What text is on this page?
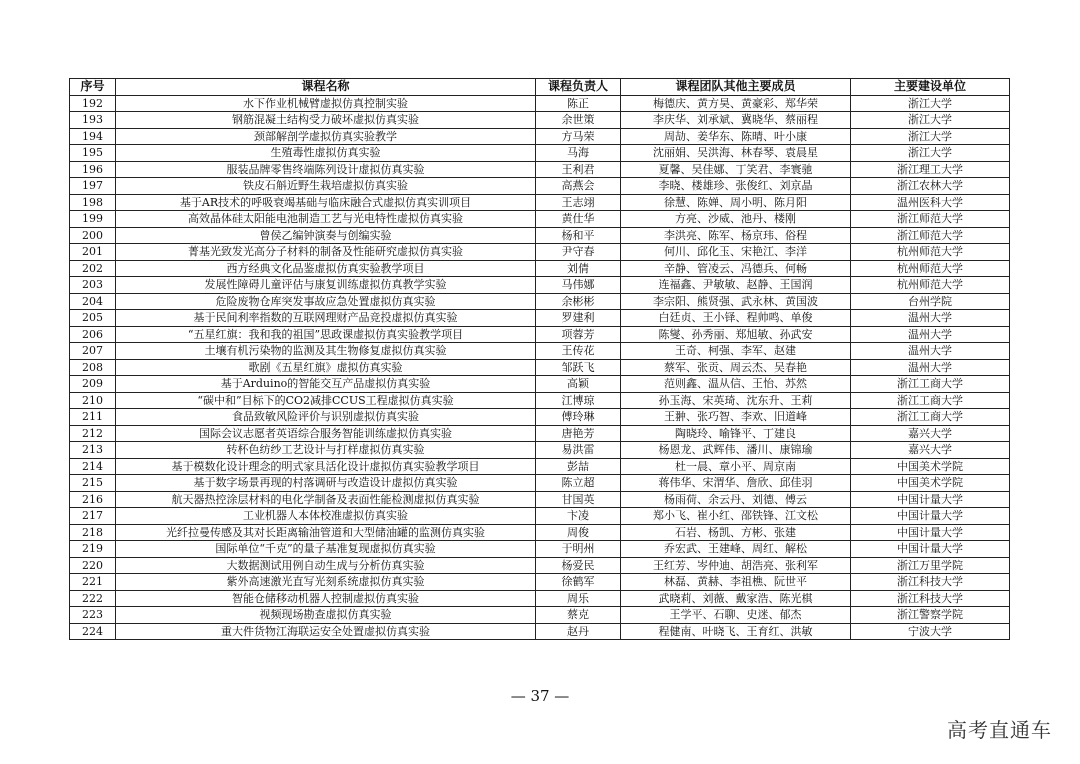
序号	课程名称	课程负责人	课程团队其他主要成员	主要建设单位
192	水下作业机械臂虚拟仿真控制实验	陈正	梅德庆、黄方昊、黄豪彩、郑华荣	浙江大学
193	钢筋混凝土结构受力破坏虚拟仿真实验	余世策	李庆华、刘承斌、冀晓华、蔡丽程	浙江大学
194	颈部解剖学虚拟仿真实验教学	方马荣	周劼、姜华东、陈晴、叶小康	浙江大学
195	生殖毒性虚拟仿真实验	马海	沈丽娟、吴洪海、林春琴、袁晨星	浙江大学
196	服装品牌零售终端陈列设计虚拟仿真实验	王利君	夏馨、吴佳娜、丁笑君、李寰驰	浙江理工大学
197	铁皮石斛近野生栽培虚拟仿真实验	高燕会	李晓、楼雄珍、张俊红、刘京晶	浙江农林大学
198	基于AR技术的呼吸衰竭基础与临床融合式虚拟仿真实训项目	王志翊	徐慧、陈婵、周小明、陈月阳	温州医科大学
199	高效晶体硅太阳能电池制造工艺与光电特性虚拟仿真实验	黄仕华	方亮、沙威、池丹、楼刚	浙江师范大学
200	曾侯乙编钟演奏与创编实验	杨和平	李洪亮、陈军、杨京玮、俗程	浙江师范大学
201	菁基光致发光高分子材料的制备及性能研究虚拟仿真实验	尹守春	何川、邱化玉、宋艳江、李洋	杭州师范大学
202	西方经典文化品鉴虚拟仿真实验教学项目	刘倩	辛静、管凌云、冯德兵、何畅	杭州师范大学
203	发展性障碍儿童评估与康复训练虚拟仿真教学实验	马伟娜	连福鑫、尹敏敏、赵静、王国润	杭州师范大学
204	危险废物仓库突发事故应急处置虚拟仿真实验	余彬彬	李宗阳、熊贤强、武永林、黄国波	台州学院
205	基于民间利率指数的互联网理财产品竞投虚拟仿真实验	罗建利	白廷贞、王小铎、程帅鸣、单俊	温州大学
206	“五星红旗：我和我的祖国”思政课虚拟仿真实验教学项目	项蓉芳	陈燮、孙秀丽、郑旭敏、孙武安	温州大学
207	土壤有机污染物的监测及其生物修复虚拟仿真实验	王传花	王奇、柯强、李军、赵建	温州大学
208	歌剧《五星红旗》虚拟仿真实验	邹跃飞	蔡军、张贡、周云杰、吴春艳	温州大学
209	基于Arduino的智能交互产品虚拟仿真实验	高颖	范则鑫、温从信、王怡、苏然	浙江工商大学
210	“碳中和”目标下的CO2减排CCUS工程虚拟仿真实验	江博琼	孙玉海、宋英琦、沈东升、王莉	浙江工商大学
211	食品致敏风险评价与识别虚拟仿真实验	傅玲琳	王翀、张巧智、李欢、旧道峰	浙江工商大学
212	国际会议志愿者英语综合服务智能训练虚拟仿真实验	唐艳芳	陶晓玲、喻锋平、丁建良	嘉兴大学
213	转杯色纺纱工艺设计与打样虚拟仿真实验	易洪雷	杨恩龙、武辉伟、潘川、康锦瑜	嘉兴大学
214	基于模数化设计理念的明式家具活化设计虚拟仿真实验教学项目	彭喆	杜一晨、章小平、周京南	中国美术学院
215	基于数字场景再现的村落调研与改造设计虚拟仿真实验	陈立超	蒋伟华、宋渭华、詹欣、邱佳羽	中国美术学院
216	航天器热控涂层材料的电化学制备及表面性能检测虚拟仿真实验	甘国英	杨雨荷、余云丹、刘德、傅云	中国计量大学
217	工业机器人本体校准虚拟仿真实验	卞凌	郑小飞、崔小红、邵铁锋、江文松	中国计量大学
218	光纤拉曼传感及其对长距离输油管道和大型储油罐的监测仿真实验	周俊	石岩、杨凯、方彬、张建	中国计量大学
219	国际单位“千克”的量子基准复现虚拟仿真实验	于明州	乔宏武、王建峰、周红、解松	中国计量大学
220	大数据测试用例自动生成与分析仿真实验	杨爱民	王红芳、岑仲迪、胡浩亮、张利军	浙江万里学院
221	紫外高速激光直写光刻系统虚拟仿真实验	徐鹤军	林磊、黄赫、李祖樵、阮世平	浙江科技大学
222	智能仓储移动机器人控制虚拟仿真实验	周乐	武晓莉、刘薇、戴家浩、陈光棋	浙江科技大学
223	视频现场勘查虚拟仿真实验	蔡克	王学平、石聊、史迷、郁杰	浙江警察学院
224	重大件货物江海联运安全处置虚拟仿真实验	赵丹	程健南、叶晓飞、王育红、洪敏	宁波大学
— 37 —
高考直通车
